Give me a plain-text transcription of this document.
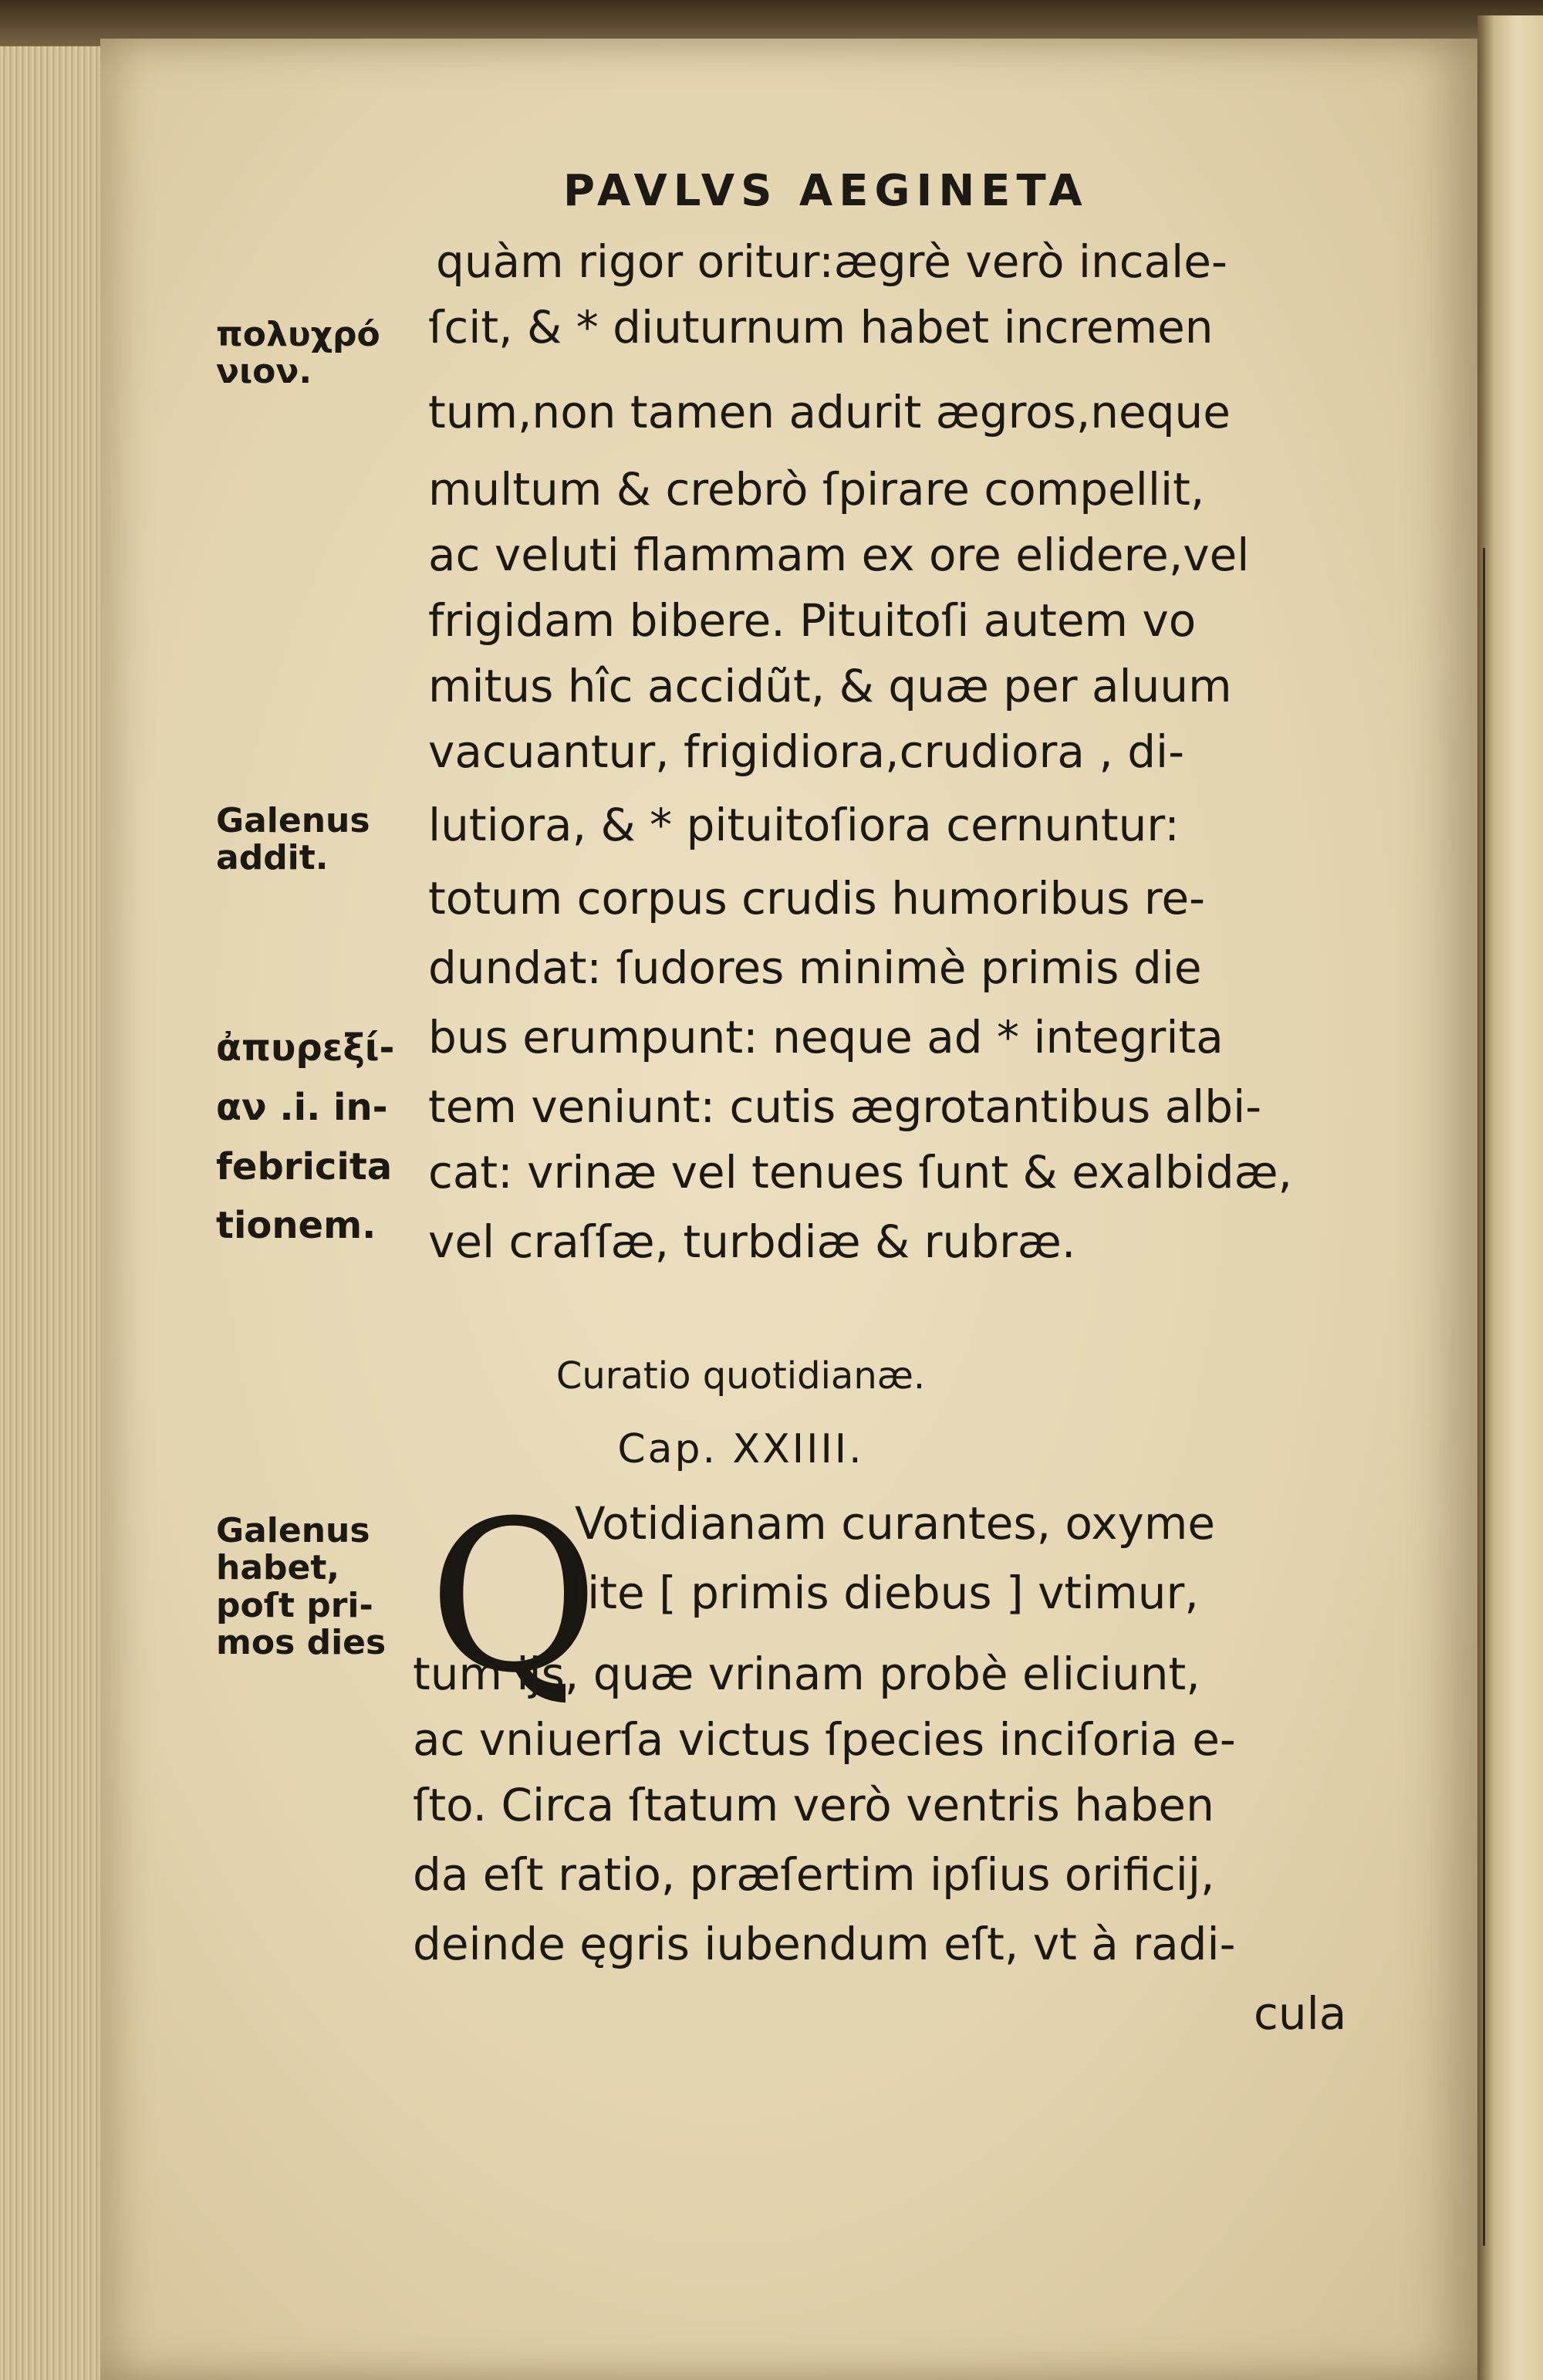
PAVLVS AEGINETA
quàm rigor oritur:ægrè verò incale-
ſcit, & * diuturnum habet incremen
tum,non tamen adurit ægros,neque
multum & crebrò ſpirare compellit,
ac veluti flammam ex ore elidere,vel
frigidam bibere. Pituitoſi autem vo
mitus hîc accidũt, & quæ per aluum
vacuantur, frigidiora,crudiora , di-
lutiora, & * pituitoſiora cernuntur:
totum corpus crudis humoribus re-
dundat: ſudores minimè primis die
bus erumpunt: neque ad * integrita
tem veniunt: cutis ægrotantibus albi-
cat: vrinæ vel tenues ſunt & exalbidæ,
vel craſſæ, turbdiæ & rubræ.
πολυχρό
νιον.
Galenus
addit.
ἀπυρεξί-
αν .i. in-
febricita
tionem.
Curatio quotidianæ.
Cap. XXIIII.
Q
Galenus
habet,
poſt pri-
mos dies
Votidianam curantes, oxyme
lite [ primis diebus ] vtimur,
tum ijs, quæ vrinam probè eliciunt,
ac vniuerſa victus ſpecies inciſoria e-
ſto. Circa ſtatum verò ventris haben
da eſt ratio, præſertim ipſius orificij,
deinde ęgris iubendum eſt, vt à radi-
cula
